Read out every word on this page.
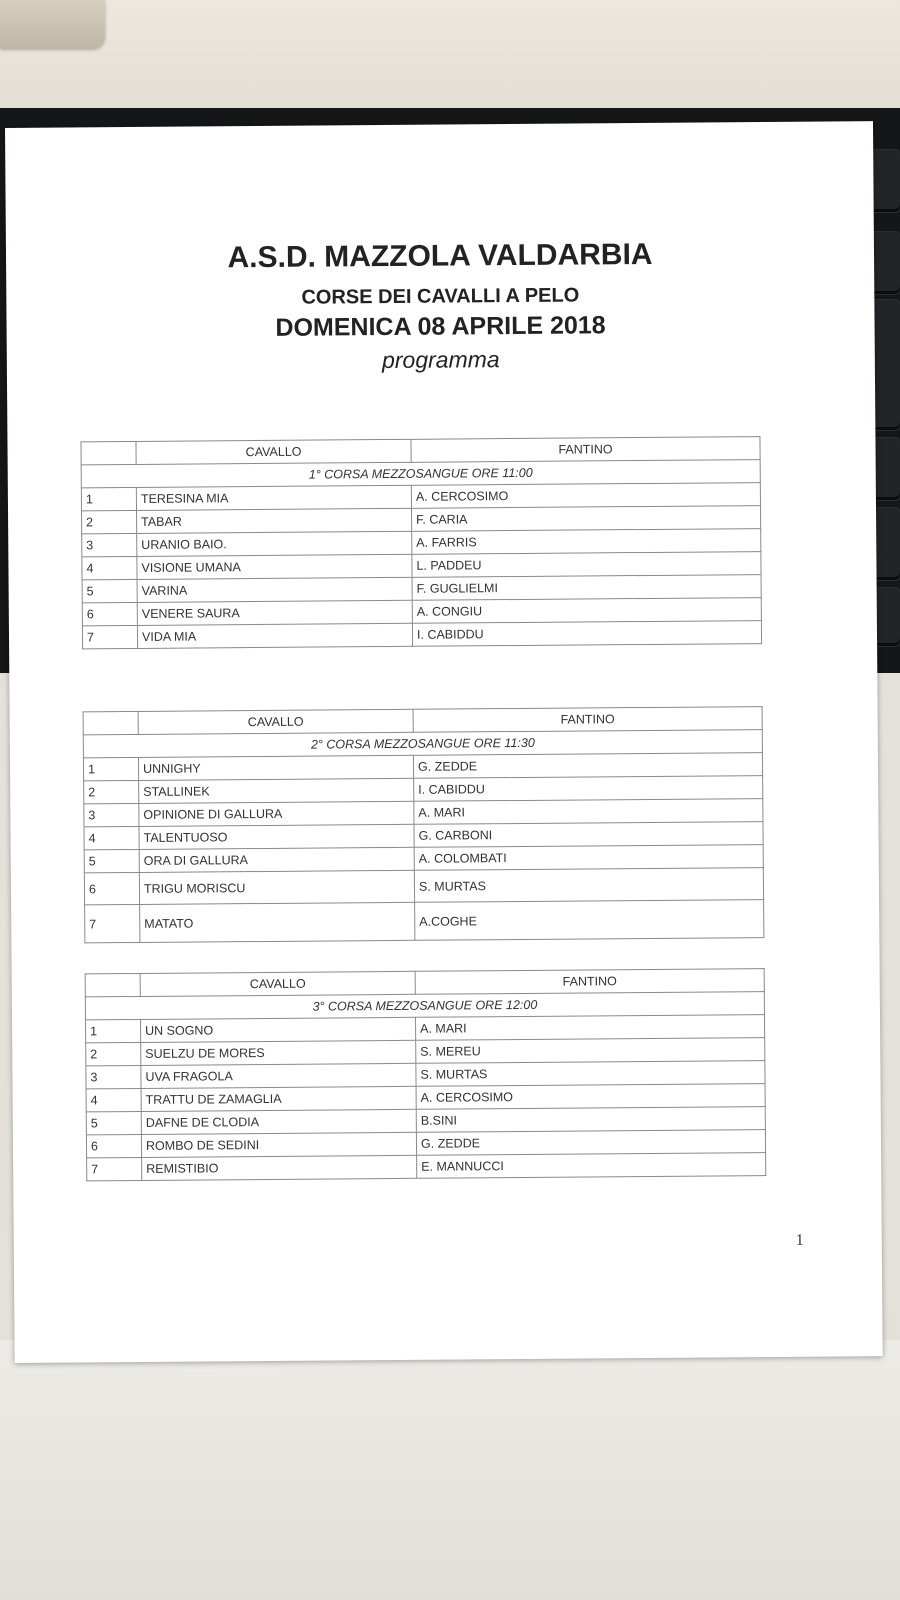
A.S.D. MAZZOLA VALDARBIA
CORSE DEI CAVALLI A PELO
DOMENICA 08 APRILE 2018
programma
	CAVALLO	FANTINO
1° CORSA MEZZOSANGUE ORE 11:00		
1	TERESINA MIA	A. CERCOSIMO
2	TABAR	F. CARIA
3	URANIO BAIO.	A. FARRIS
4	VISIONE UMANA	L. PADDEU
5	VARINA	F. GUGLIELMI
6	VENERE SAURA	A. CONGIU
7	VIDA MIA	I. CABIDDU
	CAVALLO	FANTINO
2° CORSA MEZZOSANGUE ORE 11:30		
1	UNNIGHY	G. ZEDDE
2	STALLINEK	I. CABIDDU
3	OPINIONE DI GALLURA	A. MARI
4	TALENTUOSO	G. CARBONI
5	ORA DI GALLURA	A. COLOMBATI
6	TRIGU MORISCU	S. MURTAS
7	MATATO	A.COGHE
	CAVALLO	FANTINO
3° CORSA MEZZOSANGUE ORE 12:00		
1	UN SOGNO	A. MARI
2	SUELZU DE MORES	S. MEREU
3	UVA FRAGOLA	S. MURTAS
4	TRATTU DE ZAMAGLIA	A. CERCOSIMO
5	DAFNE DE CLODIA	B.SINI
6	ROMBO DE SEDINI	G. ZEDDE
7	REMISTIBIO	E. MANNUCCI
1
